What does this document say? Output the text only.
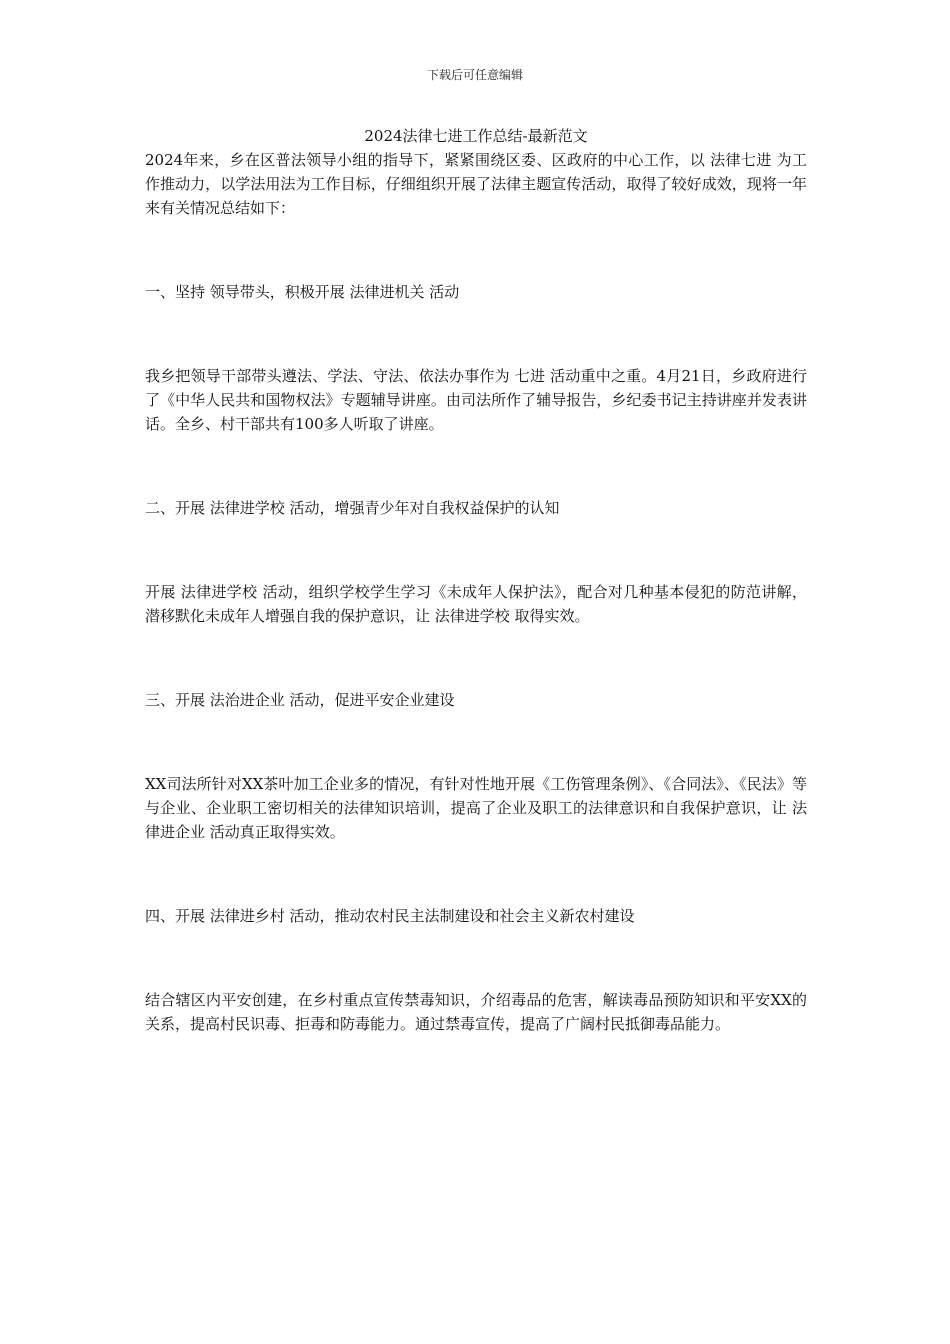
下载后可任意编辑

2024法律七进工作总结-最新范文

2024年来，乡在区普法领导小组的指导下，紧紧围绕区委、区政府的中心工作，以 法律七进 为工作推动力，以学法用法为工作目标，仔细组织开展了法律主题宣传活动，取得了较好成效，现将一年来有关情况总结如下：

一、坚持 领导带头，积极开展 法律进机关 活动

我乡把领导干部带头遵法、学法、守法、依法办事作为 七进 活动重中之重。4月21日，乡政府进行了《中华人民共和国物权法》专题辅导讲座。由司法所作了辅导报告，乡纪委书记主持讲座并发表讲话。全乡、村干部共有100多人听取了讲座。

二、开展 法律进学校 活动，增强青少年对自我权益保护的认知

开展 法律进学校 活动，组织学校学生学习《未成年人保护法》，配合对几种基本侵犯的防范讲解，潜移默化未成年人增强自我的保护意识，让 法律进学校 取得实效。

三、开展 法治进企业 活动，促进平安企业建设

XX司法所针对XX茶叶加工企业多的情况，有针对性地开展《工伤管理条例》、《合同法》、《民法》等与企业、企业职工密切相关的法律知识培训，提高了企业及职工的法律意识和自我保护意识，让 法律进企业 活动真正取得实效。

四、开展 法律进乡村 活动，推动农村民主法制建设和社会主义新农村建设

结合辖区内平安创建，在乡村重点宣传禁毒知识，介绍毒品的危害，解读毒品预防知识和平安XX的关系，提高村民识毒、拒毒和防毒能力。通过禁毒宣传，提高了广阔村民抵御毒品能力。
